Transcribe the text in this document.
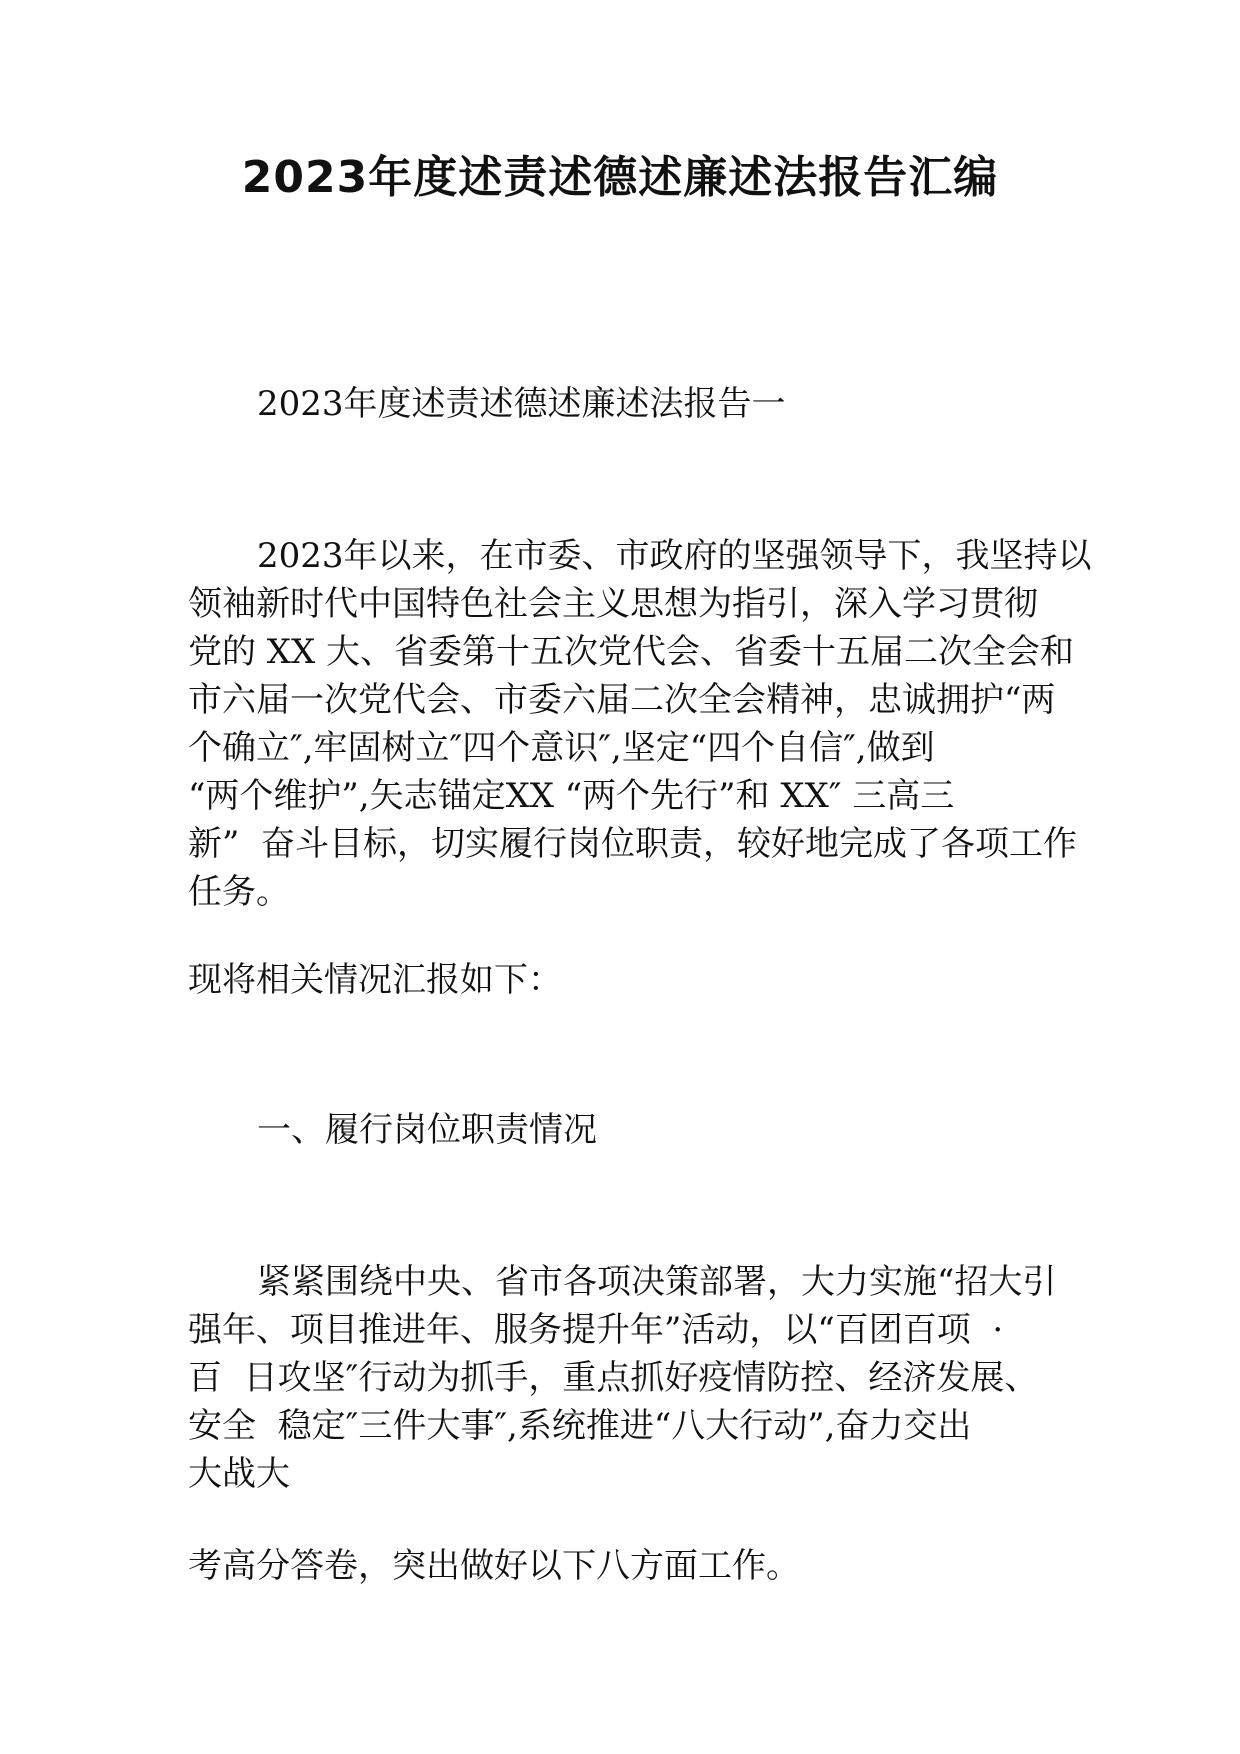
2023年度述责述德述廉述法报告汇编
2023年度述责述德述廉述法报告一
2023年以来，在市委、市政府的坚强领导下，我坚持以
领袖新时代中国特色社会主义思想为指引，深入学习贯彻
党的 XX 大、省委第十五次党代会、省委十五届二次全会和
市六届一次党代会、市委六届二次全会精神，忠诚拥护“两
个确立″,牢固树立″四个意识″,坚定“四个自信″,做到
“两个维护”,矢志锚定XX “两个先行”和 XX″ 三高三
新”  奋斗目标，切实履行岗位职责，较好地完成了各项工作
任务。
现将相关情况汇报如下：
一、履行岗位职责情况
紧紧围绕中央、省市各项决策部署，大力实施“招大引
强年、项目推进年、服务提升年”活动，以“百团百项  ·
百  日攻坚″行动为抓手，重点抓好疫情防控、经济发展、
安全  稳定″三件大事″,系统推进“八大行动”,奋力交出
大战大
考高分答卷，突出做好以下八方面工作。
